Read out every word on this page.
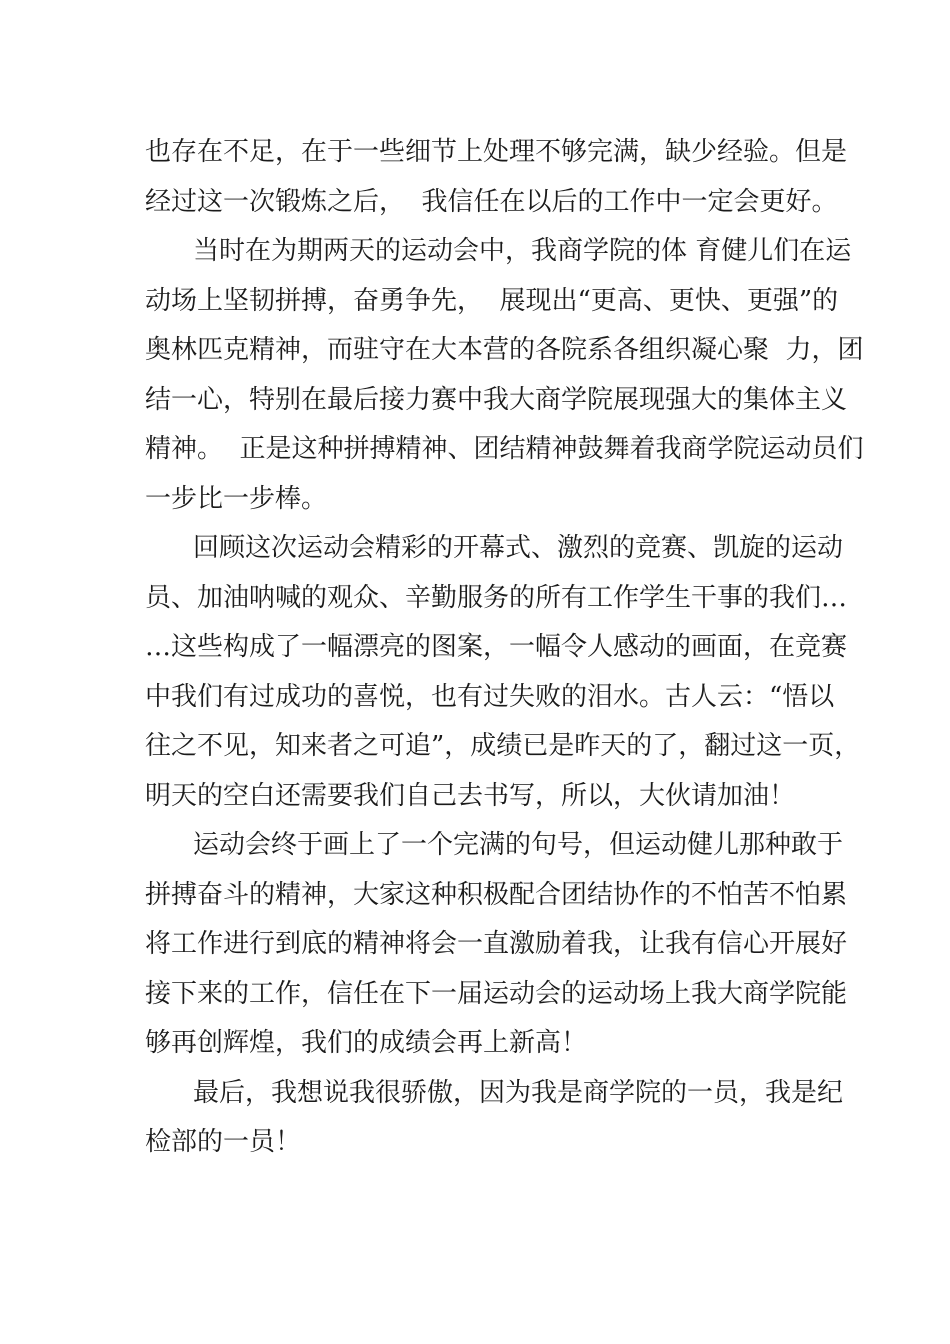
也存在不足，在于一些细节上处理不够完满，缺少经验。但是
经过这一次锻炼之后，  我信任在以后的工作中一定会更好。
当时在为期两天的运动会中，我商学院的体 育健儿们在运
动场上坚韧拼搏，奋勇争先，  展现出“更高、更快、更强”的
奥林匹克精神，而驻守在大本营的各院系各组织凝心聚  力，团
结一心，特别在最后接力赛中我大商学院展现强大的集体主义
精神。  正是这种拼搏精神、团结精神鼓舞着我商学院运动员们
一步比一步棒。
回顾这次运动会精彩的开幕式、激烈的竞赛、凯旋的运动
员、加油呐喊的观众、辛勤服务的所有工作学生干事的我们…
…这些构成了一幅漂亮的图案，一幅令人感动的画面，在竞赛
中我们有过成功的喜悦，也有过失败的泪水。古人云：“悟以
往之不见，知来者之可追”，成绩已是昨天的了，翻过这一页，
明天的空白还需要我们自己去书写，所以，大伙请加油！
运动会终于画上了一个完满的句号，但运动健儿那种敢于
拼搏奋斗的精神，大家这种积极配合团结协作的不怕苦不怕累
将工作进行到底的精神将会一直激励着我，让我有信心开展好
接下来的工作，信任在下一届运动会的运动场上我大商学院能
够再创辉煌，我们的成绩会再上新高！
最后，我想说我很骄傲，因为我是商学院的一员，我是纪
检部的一员！
